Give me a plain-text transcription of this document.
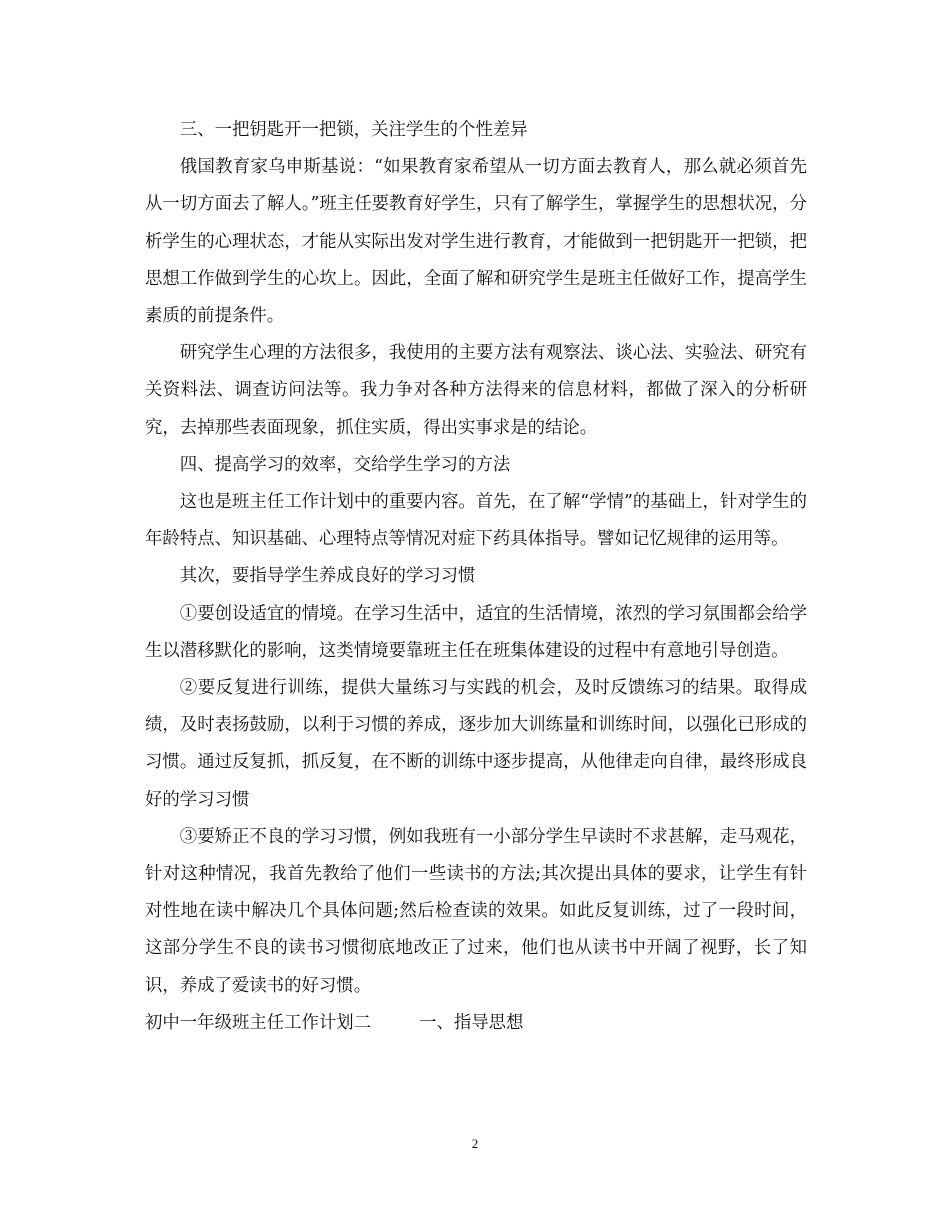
三、一把钥匙开一把锁，关注学生的个性差异

俄国教育家乌申斯基说：“如果教育家希望从一切方面去教育人，那么就必须首先从一切方面去了解人。”班主任要教育好学生，只有了解学生，掌握学生的思想状况，分析学生的心理状态，才能从实际出发对学生进行教育，才能做到一把钥匙开一把锁，把思想工作做到学生的心坎上。因此，全面了解和研究学生是班主任做好工作，提高学生素质的前提条件。

研究学生心理的方法很多，我使用的主要方法有观察法、谈心法、实验法、研究有关资料法、调查访问法等。我力争对各种方法得来的信息材料，都做了深入的分析研究，去掉那些表面现象，抓住实质，得出实事求是的结论。

四、提高学习的效率，交给学生学习的方法

这也是班主任工作计划中的重要内容。首先，在了解“学情”的基础上，针对学生的年龄特点、知识基础、心理特点等情况对症下药具体指导。譬如记忆规律的运用等。

其次，要指导学生养成良好的学习习惯

①要创设适宜的情境。在学习生活中，适宜的生活情境，浓烈的学习氛围都会给学生以潜移默化的影响，这类情境要靠班主任在班集体建设的过程中有意地引导创造。

②要反复进行训练，提供大量练习与实践的机会，及时反馈练习的结果。取得成绩，及时表扬鼓励，以利于习惯的养成，逐步加大训练量和训练时间，以强化已形成的习惯。通过反复抓，抓反复，在不断的训练中逐步提高，从他律走向自律，最终形成良好的学习习惯

③要矫正不良的学习习惯，例如我班有一小部分学生早读时不求甚解，走马观花，针对这种情况，我首先教给了他们一些读书的方法;其次提出具体的要求，让学生有针对性地在读中解决几个具体问题;然后检查读的效果。如此反复训练，过了一段时间，这部分学生不良的读书习惯彻底地改正了过来，他们也从读书中开阔了视野，长了知识，养成了爱读书的好习惯。

初中一年级班主任工作计划二	一、指导思想

2
